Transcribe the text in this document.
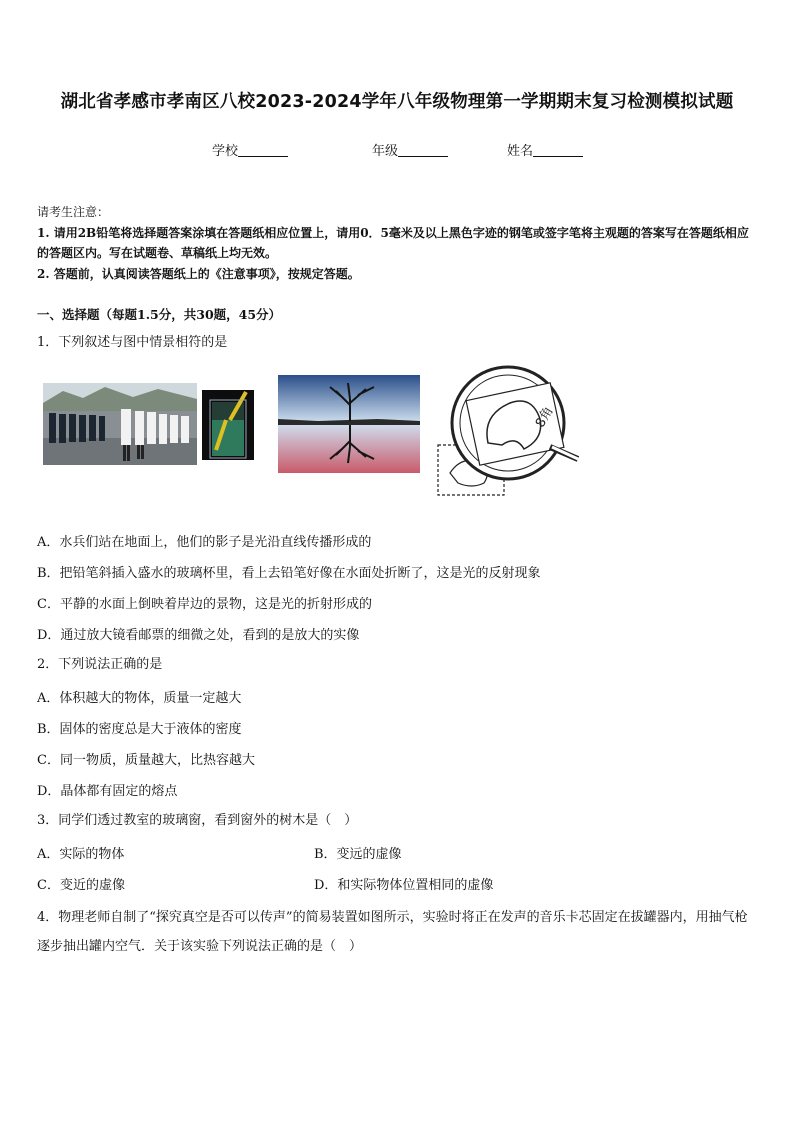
湖北省孝感市孝南区八校2023-2024学年八年级物理第一学期期末复习检测模拟试题
学校	年级	姓名
请考生注意：
1. 请用2B铅笔将选择题答案涂填在答题纸相应位置上，请用0．5毫米及以上黑色字迹的钢笔或签字笔将主观题的答案写在答题纸相应的答题区内。写在试题卷、草稿纸上均无效。
2. 答题前，认真阅读答题纸上的《注意事项》，按规定答题。
一、选择题（每题1.5分，共30题，45分）
1．下列叙述与图中情景相符的是
8角
A．水兵们站在地面上，他们的影子是光沿直线传播形成的
B．把铅笔斜插入盛水的玻璃杯里，看上去铅笔好像在水面处折断了，这是光的反射现象
C．平静的水面上倒映着岸边的景物，这是光的折射形成的
D．通过放大镜看邮票的细微之处，看到的是放大的实像
2．下列说法正确的是
A．体积越大的物体，质量一定越大
B．固体的密度总是大于液体的密度
C．同一物质，质量越大，比热容越大
D．晶体都有固定的熔点
3．同学们透过教室的玻璃窗，看到窗外的树木是（　）
A．实际的物体	B．变远的虚像
C．变近的虚像	D．和实际物体位置相同的虚像
4．物理老师自制了“探究真空是否可以传声”的简易装置如图所示，实验时将正在发声的音乐卡芯固定在拔罐器内，用抽气枪逐步抽出罐内空气．关于该实验下列说法正确的是（　）
